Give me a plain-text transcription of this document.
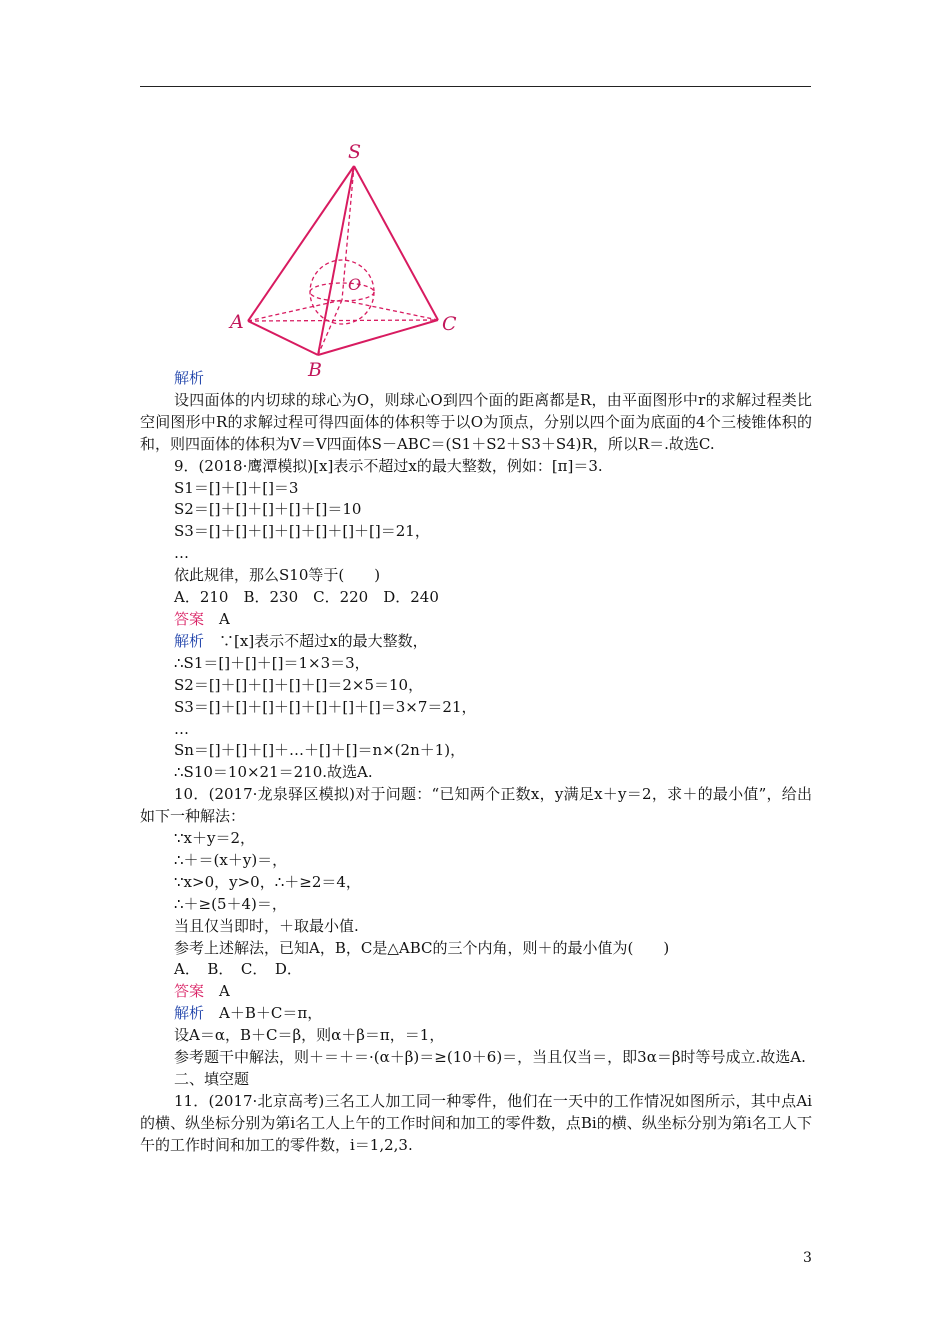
S
O
A
B
C
解析
设四面体的内切球的球心为O，则球心O到四个面的距离都是R，由平面图形中r的求解过程类比空间图形中R的求解过程可得四面体的体积等于以O为顶点，分别以四个面为底面的4个三棱锥体积的和，则四面体的体积为V＝V四面体S－ABC＝(S1＋S2＋S3＋S4)R，所以R＝.故选C.
9．(2018·鹰潭模拟)[x]表示不超过x的最大整数，例如：[π]＝3.
S1＝[]＋[]＋[]＝3
S2＝[]＋[]＋[]＋[]＋[]＝10
S3＝[]＋[]＋[]＋[]＋[]＋[]＋[]＝21，
…
依此规律，那么S10等于(　　)
A．210　B．230　C．220　D．240
答案　A
解析　∵[x]表示不超过x的最大整数，
∴S1＝[]＋[]＋[]＝1×3＝3，
S2＝[]＋[]＋[]＋[]＋[]＝2×5＝10，
S3＝[]＋[]＋[]＋[]＋[]＋[]＋[]＝3×7＝21，
…
Sn＝[]＋[]＋[]＋…＋[]＋[]＝n×(2n＋1)，
∴S10＝10×21＝210.故选A.
10．(2017·龙泉驿区模拟)对于问题：“已知两个正数x，y满足x＋y＝2，求＋的最小值”，给出如下一种解法：
∵x＋y＝2，
∴＋＝(x＋y)＝，
∵x>0，y>0，∴＋≥2＝4，
∴＋≥(5＋4)＝，
当且仅当即时，＋取最小值.
参考上述解法，已知A，B，C是△ABC的三个内角，则＋的最小值为(　　)
A．　B．　C．　D．
答案　A
解析　A＋B＋C＝π，
设A＝α，B＋C＝β，则α＋β＝π，＝1，
参考题干中解法，则＋＝＋＝·(α＋β)＝≥(10＋6)＝，当且仅当＝，即3α＝β时等号成立.故选A.
二、填空题
11．(2017·北京高考)三名工人加工同一种零件，他们在一天中的工作情况如图所示，其中点Ai的横、纵坐标分别为第i名工人上午的工作时间和加工的零件数，点Bi的横、纵坐标分别为第i名工人下午的工作时间和加工的零件数，i＝1,2,3.
3
